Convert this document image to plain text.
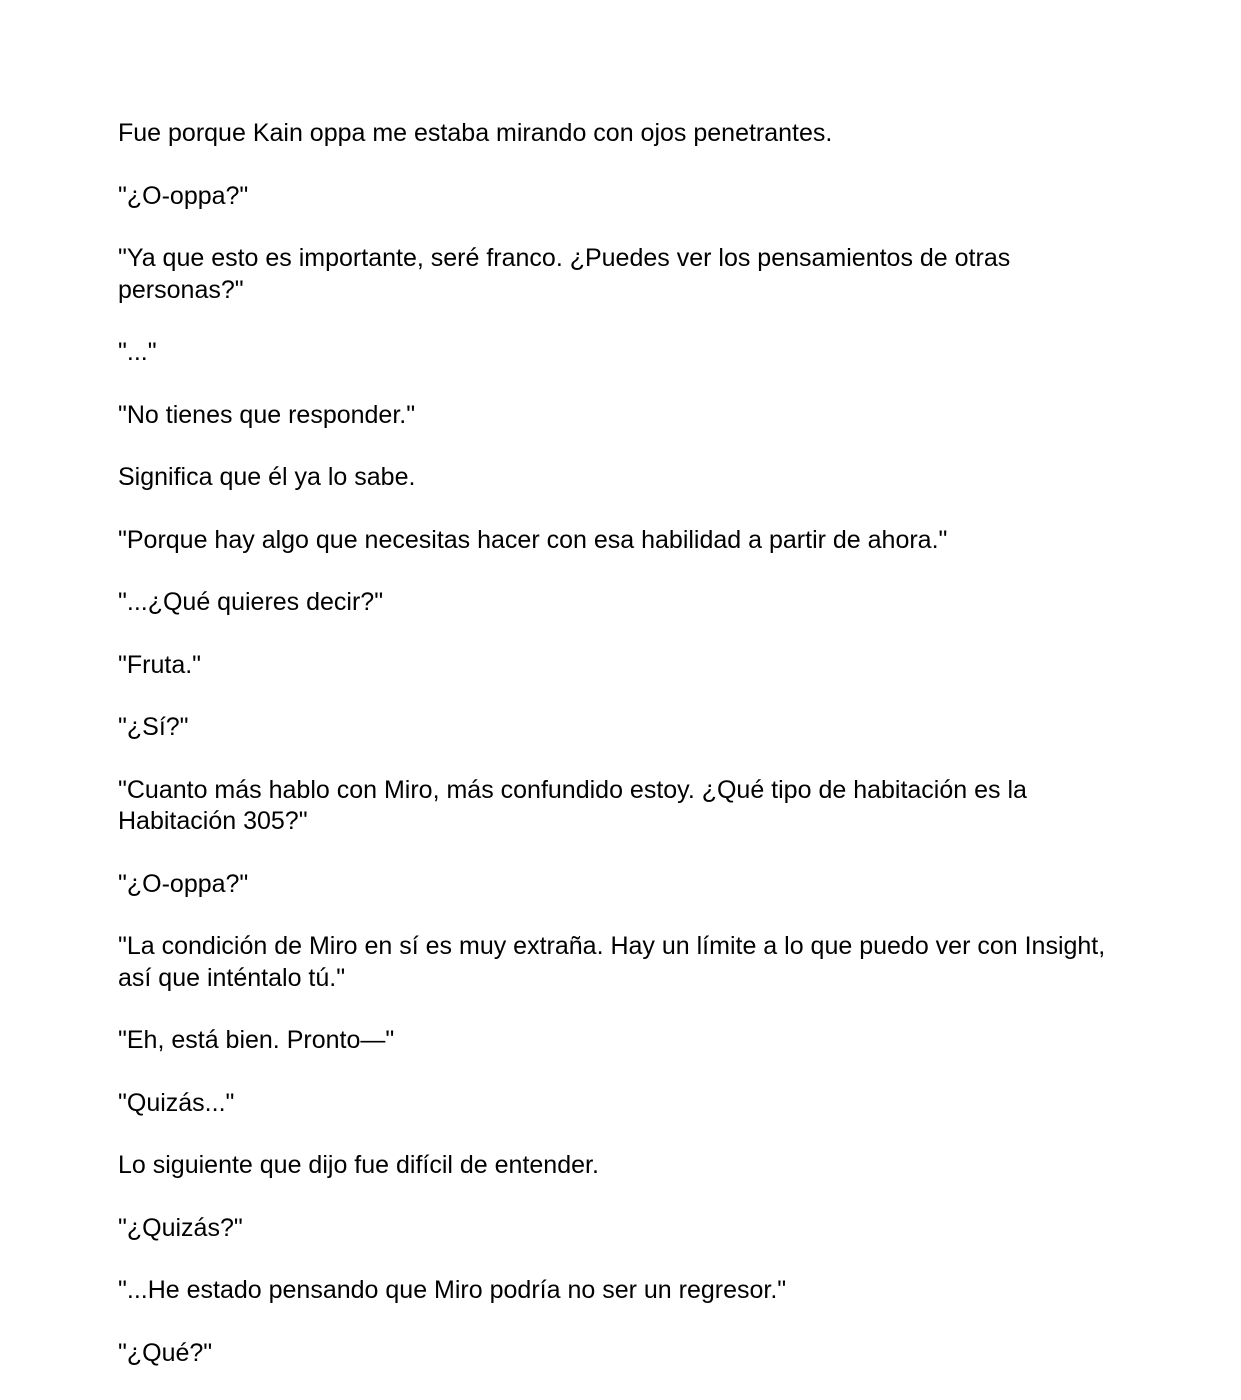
Fue porque Kain oppa me estaba mirando con ojos penetrantes.

"¿O-oppa?"

"Ya que esto es importante, seré franco. ¿Puedes ver los pensamientos de otras personas?"

"..."

"No tienes que responder."

Significa que él ya lo sabe.

"Porque hay algo que necesitas hacer con esa habilidad a partir de ahora."

"...¿Qué quieres decir?"

"Fruta."

"¿Sí?"

"Cuanto más hablo con Miro, más confundido estoy. ¿Qué tipo de habitación es la Habitación 305?"

"¿O-oppa?"

"La condición de Miro en sí es muy extraña. Hay un límite a lo que puedo ver con Insight, así que inténtalo tú."

"Eh, está bien. Pronto—"

"Quizás..."

Lo siguiente que dijo fue difícil de entender.

"¿Quizás?"

"...He estado pensando que Miro podría no ser un regresor."

"¿Qué?"
